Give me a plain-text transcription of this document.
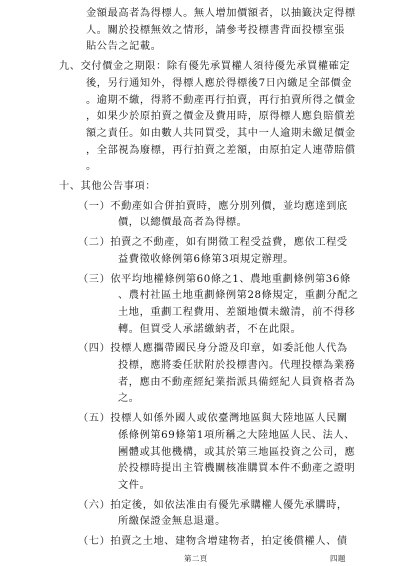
金額最高者為得標人。無人增加價額者，以抽籤決定得標
人。關於投標無效之情形，請參考投標書背面投標室張
貼公告之記載。
九、交付價金之期限：除有優先承買權人須待優先承買權確定
後，另行通知外，得標人應於得標後7日內繳足全部價金
。逾期不繳，得將不動產再行拍賣，再行拍賣所得之價金
，如果少於原拍賣之價金及費用時，原得標人應負賠償差
額之責任。如由數人共同買受，其中一人逾期未繳足價金
，全部視為廢標，再行拍賣之差額，由原拍定人連帶賠償
。
十、其他公告事項：
（一）不動產如合併拍賣時，應分別列價，並均應達到底
價，以總價最高者為得標。
（二）拍賣之不動產，如有開徵工程受益費，應依工程受
益費徵收條例第6條第3項規定辦理。
（三）依平均地權條例第60條之1、農地重劃條例第36條
、農村社區土地重劃條例第28條規定，重劃分配之
土地，重劃工程費用、差額地價未繳清，前不得移
轉。但買受人承諾繳納者，不在此限。
（四）投標人應攜帶國民身分證及印章，如委託他人代為
投標，應將委任狀附於投標書內。代理投標為業務
者，應由不動產經紀業指派具備經紀人員資格者為
之。
（五）投標人如係外國人或依臺灣地區與大陸地區人民關
係條例第69條第1項所稱之大陸地區人民、法人、
團體或其他機構，或其於第三地區投資之公司，應
於投標時提出主管機關核准購買本件不動產之證明
文件。
（六）拍定後，如依法准由有優先承購權人優先承購時，
所繳保證金無息退還。
（七）拍賣之土地、建物含增建物者，拍定後償權人、債
第二頁	四題
